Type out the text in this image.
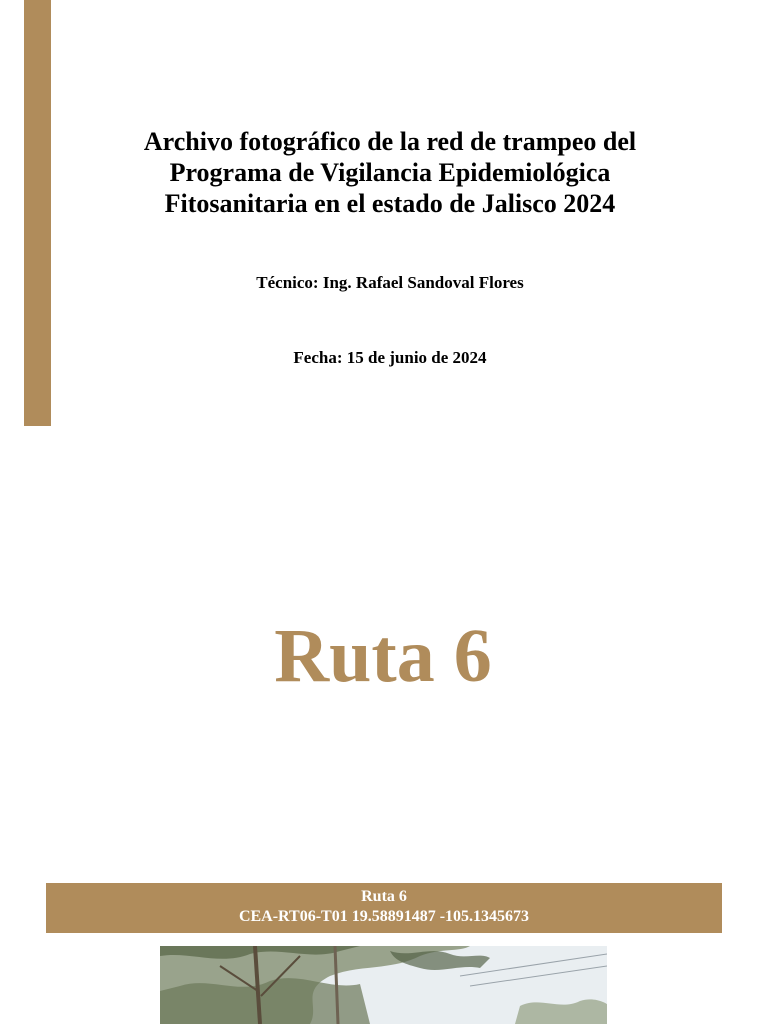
Archivo fotográfico de la red de trampeo del
Programa de Vigilancia Epidemiológica
Fitosanitaria en el estado de Jalisco 2024
Técnico: Ing. Rafael Sandoval Flores
Fecha: 15 de junio de 2024
Ruta 6
Ruta 6
CEA-RT06-T01 19.58891487 -105.1345673
